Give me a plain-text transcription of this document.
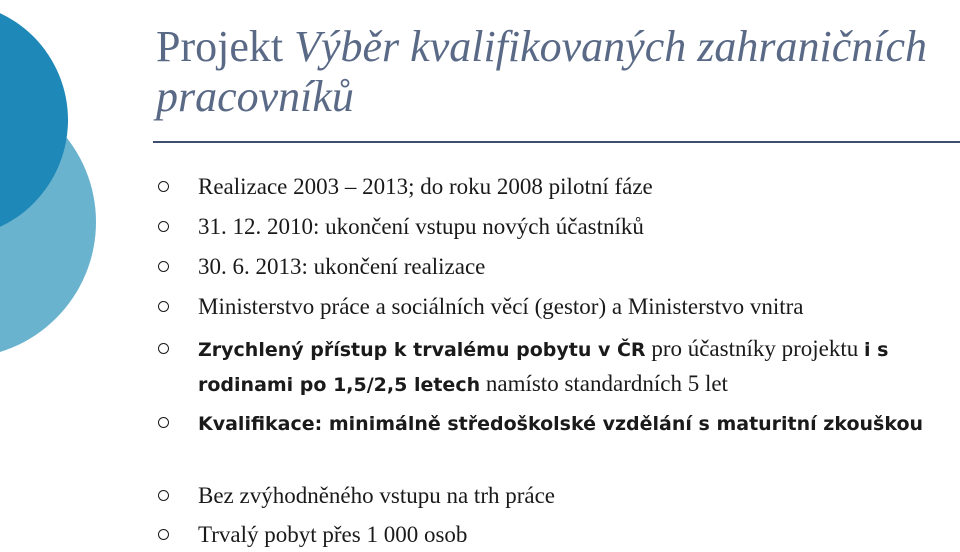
Projekt Výběr kvalifikovaných zahraničních pracovníků
Realizace 2003 – 2013; do roku 2008 pilotní fáze
31. 12. 2010: ukončení vstupu nových účastníků
30. 6. 2013: ukončení realizace
Ministerstvo práce a sociálních věcí (gestor) a Ministerstvo vnitra
Zrychlený přístup k trvalému pobytu v ČR pro účastníky projektu i s rodinami po 1,5/2,5 letech namísto standardních 5 let
Kvalifikace: minimálně středoškolské vzdělání s maturitní zkouškou
Bez zvýhodněného vstupu na trh práce
Trvalý pobyt přes 1 000 osob
